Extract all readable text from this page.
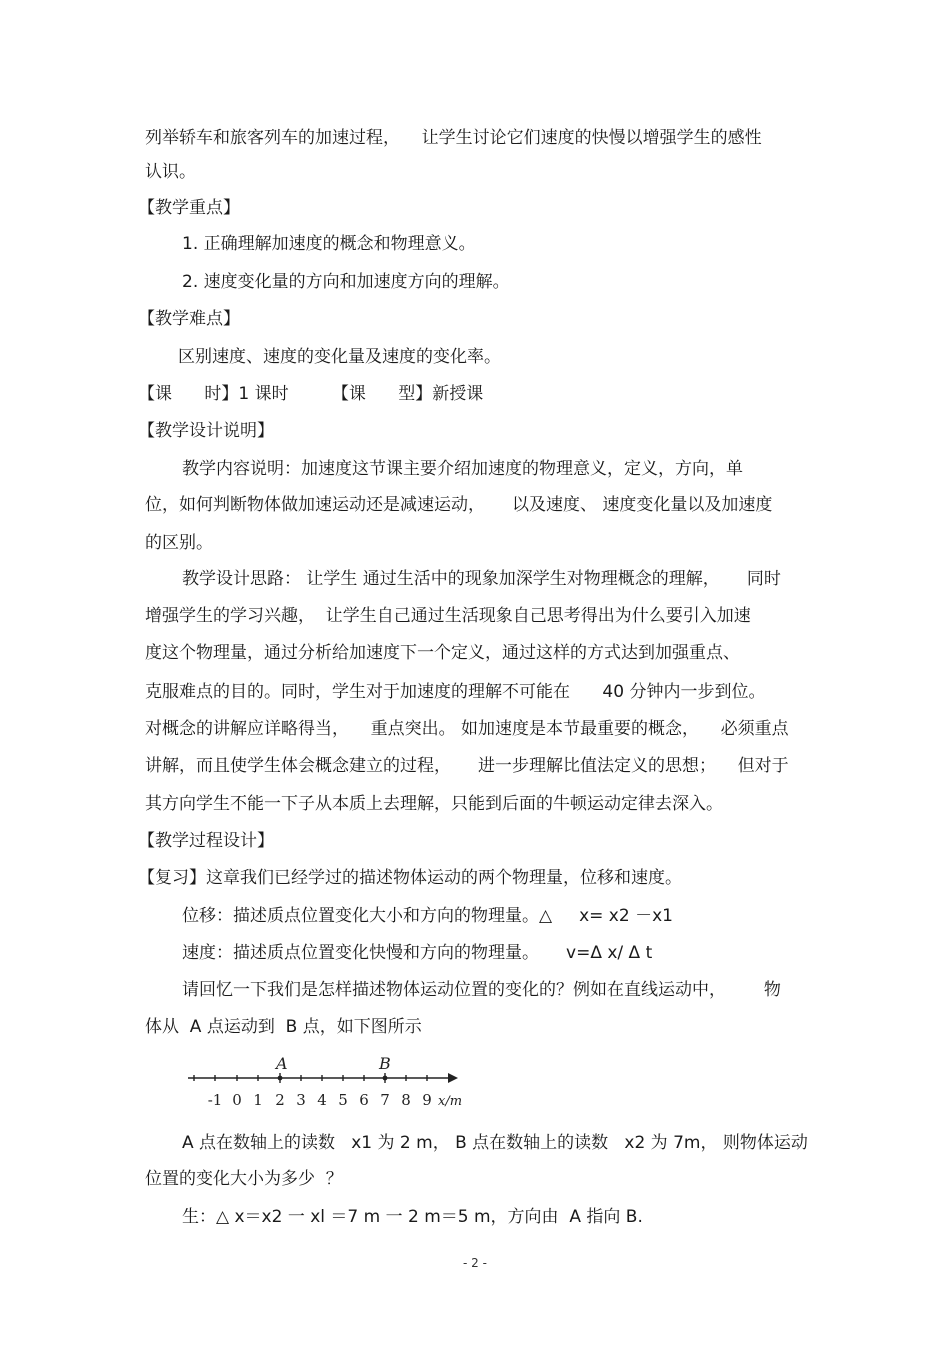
列举轿车和旅客列车的加速过程，    让学生讨论它们速度的快慢以增强学生的感性
认识。
【教学重点】
1. 正确理解加速度的概念和物理意义。
2. 速度变化量的方向和加速度方向的理解。
【教学难点】
区别速度、速度的变化量及速度的变化率。
【课      时】1 课时        【课      型】新授课
【教学设计说明】
教学内容说明：加速度这节课主要介绍加速度的物理意义，定义，方向，单
位，如何判断物体做加速运动还是减速运动，     以及速度、 速度变化量以及加速度
的区别。
教学设计思路： 让学生 通过生活中的现象加深学生对物理概念的理解，     同时
增强学生的学习兴趣，  让学生自己通过生活现象自己思考得出为什么要引入加速
度这个物理量，通过分析给加速度下一个定义，通过这样的方式达到加强重点、
克服难点的目的。同时，学生对于加速度的理解不可能在      40 分钟内一步到位。
对概念的讲解应详略得当，    重点突出。 如加速度是本节最重要的概念，    必须重点
讲解，而且使学生体会概念建立的过程，     进一步理解比值法定义的思想；    但对于
其方向学生不能一下子从本质上去理解，只能到后面的牛顿运动定律去深入。
【教学过程设计】
【复习】这章我们已经学过的描述物体运动的两个物理量，位移和速度。
位移：描述质点位置变化大小和方向的物理量。△     x= x2 －x1
速度：描述质点位置变化快慢和方向的物理量。     v=Δ x/ Δ t
请回忆一下我们是怎样描述物体运动位置的变化的？例如在直线运动中，       物
体从  A 点运动到  B 点，如下图所示
A	B
-1 0 1 2 3 4 5 6 7 8 9 x/m
A 点在数轴上的读数   x1 为 2 m， B 点在数轴上的读数   x2 为 7m， 则物体运动
位置的变化大小为多少  ？
生：△ x＝x2 一 xl ＝7 m 一 2 m＝5 m，方向由  A 指向 B.
- 2 -
